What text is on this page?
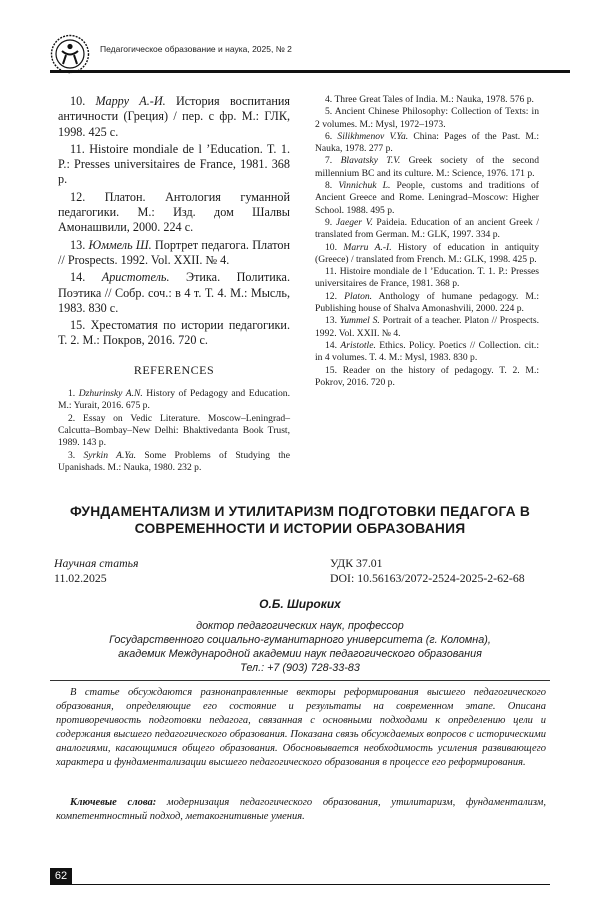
Педагогическое образование и наука, 2025, № 2

10. Марру А.-И. История воспитания античности (Греция) / пер. с фр. М.: ГЛК, 1998. 425 с.

11. Histoire mondiale de l ’Education. T. 1. P.: Presses universitaires de France, 1981. 368 p.

12. Платон. Антология гуманной педагогики. М.: Изд. дом Шалвы Амонашвили, 2000. 224 с.

13. Юммель Ш. Портрет педагога. Платон // Prospects. 1992. Vol. XXII. № 4.

14. Аристотель. Этика. Политика. Поэтика // Собр. соч.: в 4 т. Т. 4. М.: Мысль, 1983. 830 с.

15. Хрестоматия по истории педагогики. Т. 2. М.: Покров, 2016. 720 с.

REFERENCES

1. Dzhurinsky A.N. History of Pedagogy and Education. M.: Yurait, 2016. 675 p.

2. Essay on Vedic Literature. Moscow–Leningrad–Calcutta–Bombay–New Delhi: Bhaktivedanta Book Trust, 1989. 143 p.

3. Syrkin A.Ya. Some Problems of Studying the Upanishads. M.: Nauka, 1980. 232 p.

4. Three Great Tales of India. M.: Nauka, 1978. 576 p.

5. Ancient Chinese Philosophy: Collection of Texts: in 2 volumes. M.: Mysl, 1972–1973.

6. Silikhmenov V.Ya. China: Pages of the Past. M.: Nauka, 1978. 277 p.

7. Blavatsky T.V. Greek society of the second millennium BC and its culture. M.: Science, 1976. 171 p.

8. Vinnichuk L. People, customs and traditions of Ancient Greece and Rome. Leningrad–Moscow: Higher School. 1988. 495 p.

9. Jaeger V. Paideia. Education of an ancient Greek / translated from German. M.: GLK, 1997. 334 p.

10. Marru A.-I. History of education in antiquity (Greece) / translated from French. M.: GLK, 1998. 425 p.

11. Histoire mondiale de l ’Education. T. 1. P.: Presses universitaires de France, 1981. 368 p.

12. Platon. Anthology of humane pedagogy. M.: Publishing house of Shalva Amonashvili, 2000. 224 p.

13. Yummel S. Portrait of a teacher. Platon // Prospects. 1992. Vol. XXII. № 4.

14. Aristotle. Ethics. Policy. Poetics // Collection. cit.: in 4 volumes. T. 4. M.: Mysl, 1983. 830 p.

15. Reader on the history of pedagogy. T. 2. M.: Pokrov, 2016. 720 p.

ФУНДАМЕНТАЛИЗМ И УТИЛИТАРИЗМ ПОДГОТОВКИ ПЕДАГОГА В СОВРЕМЕННОСТИ И ИСТОРИИ ОБРАЗОВАНИЯ
Научная статья
11.02.2025
УДК 37.01
DOI: 10.56163/2072-2524-2025-2-62-68
О.Б. Широких
доктор педагогических наук, профессор
Государственного социально-гуманитарного университета (г. Коломна),
академик Международной академии наук педагогического образования
Тел.: +7 (903) 728-33-83

В статье обсуждаются разнонаправленные векторы реформирования высшего педагогического образования, определяющие его состояние и результаты на современном этапе. Описана противоречивость подготовки педагога, связанная с основными подходами к определению цели и содержания высшего педагогического образования. Показана связь обсуждаемых вопросов с историческими аналогиями, касающимися общего образования. Обосновывается необходимость усиления развивающего характера и фундаментализации высшего педагогического образования в процессе его реформирования.

Ключевые слова: модернизация педагогического образования, утилитаризм, фундаментализм, компетентностный подход, метакогнитивные умения.

62
